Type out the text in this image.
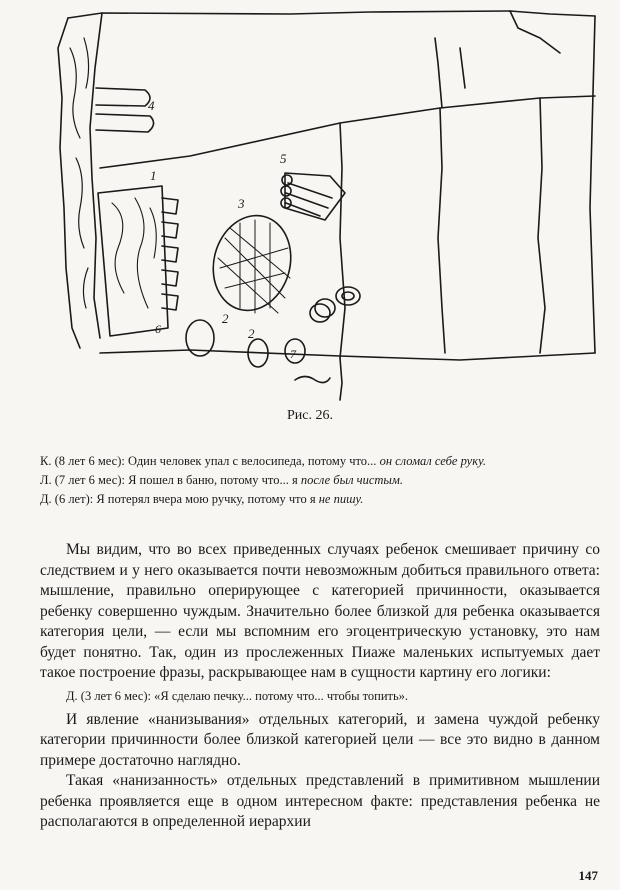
4
1
5
3
2
2
7
6
Рис. 26.

К. (8 лет 6 мес): Один человек упал с велосипеда, потому что... он сломал себе руку.

Л. (7 лет 6 мес): Я пошел в баню, потому что... я после был чистым.

Д. (6 лет): Я потерял вчера мою ручку, потому что я не пишу.

Мы видим, что во всех приведенных случаях ребенок смешивает причину со следствием и у него оказывается почти невозможным добиться правильного ответа: мышление, правильно оперирующее с категорией причинности, оказывается ребенку совершенно чуждым. Значительно более близкой для ребенка оказывается категория цели, — если мы вспомним его эгоцентрическую установку, это нам будет понятно. Так, один из прослеженных Пиаже маленьких испытуемых дает такое построение фразы, раскрывающее нам в сущности картину его логики:

Д. (3 лет 6 мес): «Я сделаю печку... потому что... чтобы топить».

И явление «нанизывания» отдельных категорий, и замена чуждой ребенку категории причинности более близкой категорией цели — все это видно в данном примере достаточно наглядно.

Такая «нанизанность» отдельных представлений в примитивном мышлении ребенка проявляется еще в одном интересном факте: представления ребенка не располагаются в определенной иерархии

147
